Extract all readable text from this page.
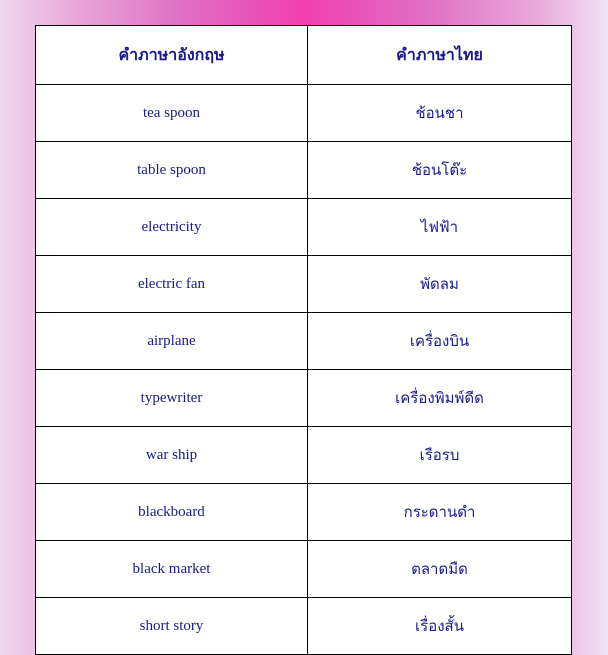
คำภาษาอังกฤษ	คำภาษาไทย
tea spoon	ช้อนชา
table spoon	ช้อนโต๊ะ
electricity	ไฟฟ้า
electric fan	พัดลม
airplane	เครื่องบิน
typewriter	เครื่องพิมพ์ดีด
war ship	เรือรบ
blackboard	กระดานดำ
black market	ตลาดมืด
short story	เรื่องสั้น
